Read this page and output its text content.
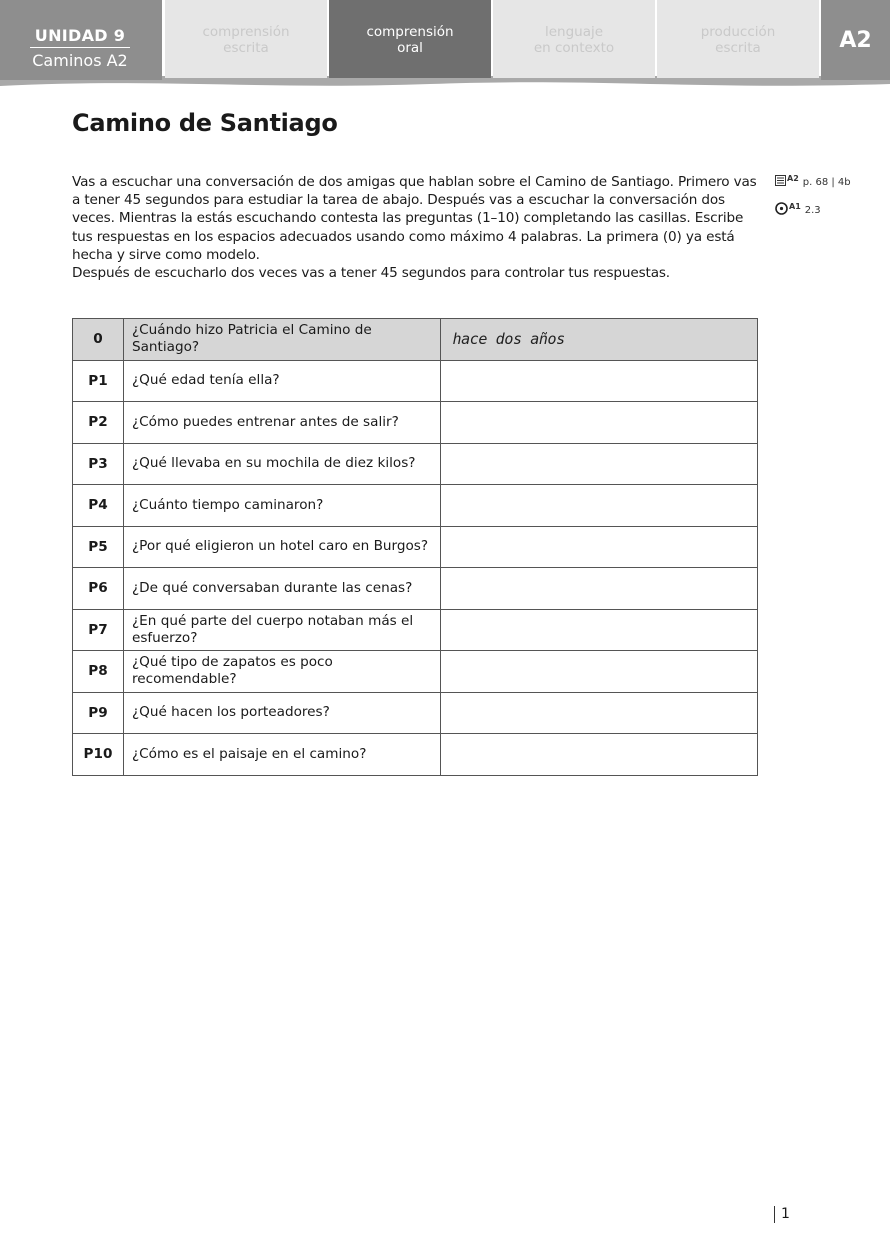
UNIDAD 9
Caminos A2
comprensión
escrita
comprensión
oral
lenguaje
en contexto
producción
escrita	A2
Camino de Santiago

Vas a escuchar una conversación de dos amigas que hablan sobre el Camino de Santiago. Primero vas a tener 45 segundos para estudiar la tarea de abajo. Después vas a escuchar la conversación dos veces. Mientras la estás escuchando contesta las preguntas (1–10) completando las casillas. Escribe tus respuestas en los espacios adecuados usando como máximo 4 palabras. La primera (0) ya está hecha y sirve como modelo.

Después de escucharlo dos veces vas a tener 45 segundos para controlar tus respuestas.

A2 p. 68 | 4b
A1 2.3
0	¿Cuándo hizo Patricia el Camino de Santiago?	hace dos años
P1	¿Qué edad tenía ella?	
P2	¿Cómo puedes entrenar antes de salir?	
P3	¿Qué llevaba en su mochila de diez kilos?	
P4	¿Cuánto tiempo caminaron?	
P5	¿Por qué eligieron un hotel caro en Burgos?	
P6	¿De qué conversaban durante las cenas?	
P7	¿En qué parte del cuerpo notaban más el esfuerzo?	
P8	¿Qué tipo de zapatos es poco recomendable?	
P9	¿Qué hacen los porteadores?	
P10	¿Cómo es el paisaje en el camino?	
1
